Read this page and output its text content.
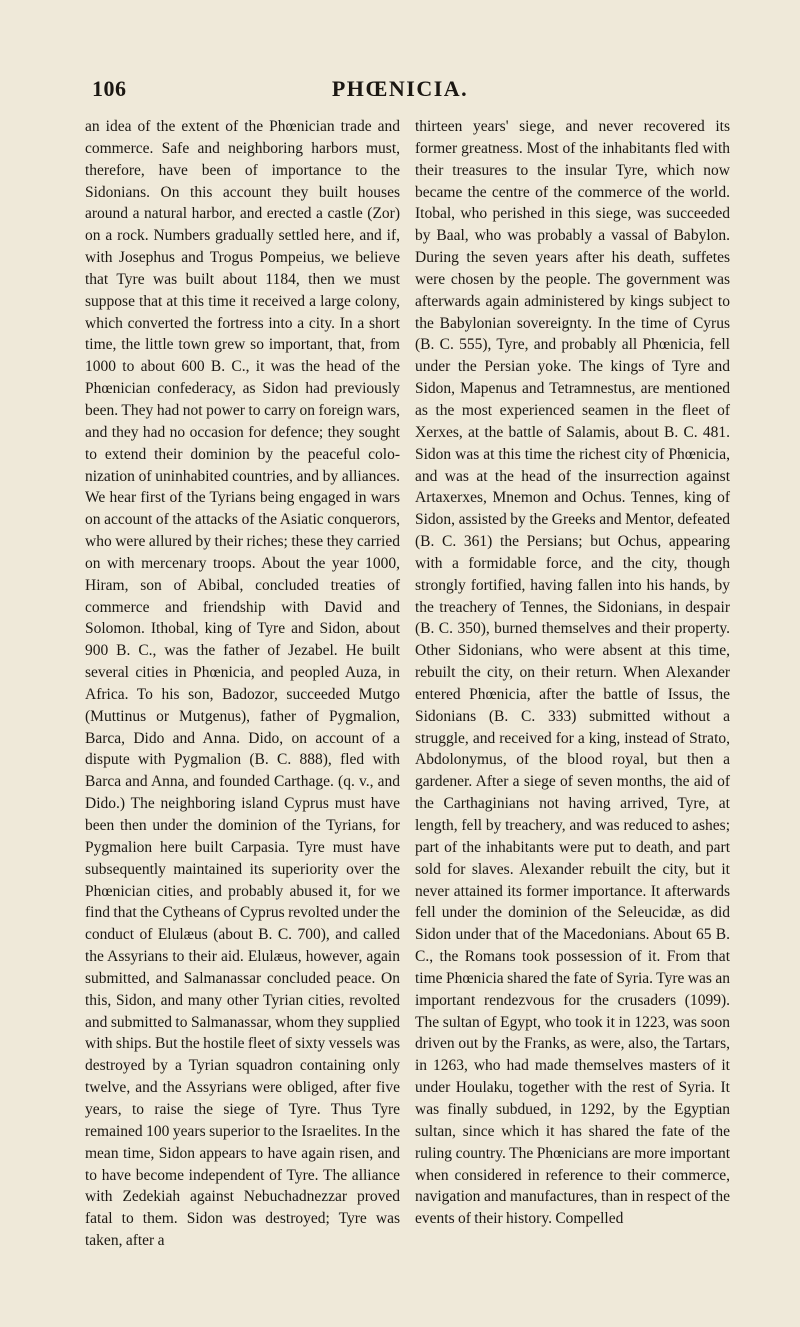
106	PHŒNICIA.

an idea of the extent of the Phœnician trade and commerce. Safe and neighboring harbors must, therefore, have been of importance to the Sidonians. On this account they built houses around a natural harbor, and erected a castle (Zor) on a rock. Numbers gradually settled here, and if, with Josephus and Trogus Pompeius, we believe that Tyre was built about 1184, then we must suppose that at this time it received a large colony, which converted the fortress into a city. In a short time, the little town grew so important, that, from 1000 to about 600 B. C., it was the head of the Phœnician confederacy, as Sidon had previously been. They had not power to carry on foreign wars, and they had no occasion for defence; they sought to extend their dominion by the peaceful colonization of uninhabited countries, and by alliances. We hear first of the Tyrians being engaged in wars on account of the attacks of the Asiatic conquerors, who were allured by their riches; these they carried on with mercenary troops. About the year 1000, Hiram, son of Abibal, concluded treaties of commerce and friendship with David and Solomon. Ithobal, king of Tyre and Sidon, about 900 B. C., was the father of Jezabel. He built several cities in Phœnicia, and peopled Auza, in Africa. To his son, Badozor, succeeded Mutgo (Muttinus or Mutgenus), father of Pygmalion, Barca, Dido and Anna. Dido, on account of a dispute with Pygmalion (B. C. 888), fled with Barca and Anna, and founded Carthage. (q. v., and Dido.) The neighboring island Cyprus must have been then under the dominion of the Tyrians, for Pygmalion here built Carpasia. Tyre must have subsequently maintained its superiority over the Phœnician cities, and probably abused it, for we find that the Cytheans of Cyprus revolted under the conduct of Elulæus (about B. C. 700), and called the Assyrians to their aid. Elulæus, however, again submitted, and Salmanassar concluded peace. On this, Sidon, and many other Tyrian cities, revolted and submitted to Salmanassar, whom they supplied with ships. But the hostile fleet of sixty vessels was destroyed by a Tyrian squadron containing only twelve, and the Assyrians were obliged, after five years, to raise the siege of Tyre. Thus Tyre remained 100 years superior to the Israelites. In the mean time, Sidon appears to have again risen, and to have become independent of Tyre. The alliance with Zedekiah against Nebuchadnezzar proved fatal to them. Sidon was destroyed; Tyre was taken, after a

thirteen years' siege, and never recovered its former greatness. Most of the inhabitants fled with their treasures to the insular Tyre, which now became the centre of the commerce of the world. Itobal, who perished in this siege, was succeeded by Baal, who was probably a vassal of Babylon. During the seven years after his death, suffetes were chosen by the people. The government was afterwards again administered by kings subject to the Babylonian sovereignty. In the time of Cyrus (B. C. 555), Tyre, and probably all Phœnicia, fell under the Persian yoke. The kings of Tyre and Sidon, Mapenus and Tetramnestus, are mentioned as the most experienced seamen in the fleet of Xerxes, at the battle of Salamis, about B. C. 481. Sidon was at this time the richest city of Phœnicia, and was at the head of the insurrection against Artaxerxes, Mnemon and Ochus. Tennes, king of Sidon, assisted by the Greeks and Mentor, defeated (B. C. 361) the Persians; but Ochus, appearing with a formidable force, and the city, though strongly fortified, having fallen into his hands, by the treachery of Tennes, the Sidonians, in despair (B. C. 350), burned themselves and their property. Other Sidonians, who were absent at this time, rebuilt the city, on their return. When Alexander entered Phœnicia, after the battle of Issus, the Sidonians (B. C. 333) submitted without a struggle, and received for a king, instead of Strato, Abdolonymus, of the blood royal, but then a gardener. After a siege of seven months, the aid of the Carthaginians not having arrived, Tyre, at length, fell by treachery, and was reduced to ashes; part of the inhabitants were put to death, and part sold for slaves. Alexander rebuilt the city, but it never attained its former importance. It afterwards fell under the dominion of the Seleucidæ, as did Sidon under that of the Macedonians. About 65 B. C., the Romans took possession of it. From that time Phœnicia shared the fate of Syria. Tyre was an important rendezvous for the crusaders (1099). The sultan of Egypt, who took it in 1223, was soon driven out by the Franks, as were, also, the Tartars, in 1263, who had made themselves masters of it under Houlaku, together with the rest of Syria. It was finally subdued, in 1292, by the Egyptian sultan, since which it has shared the fate of the ruling country. The Phœnicians are more important when considered in reference to their commerce, navigation and manufactures, than in respect of the events of their history. Compelled
